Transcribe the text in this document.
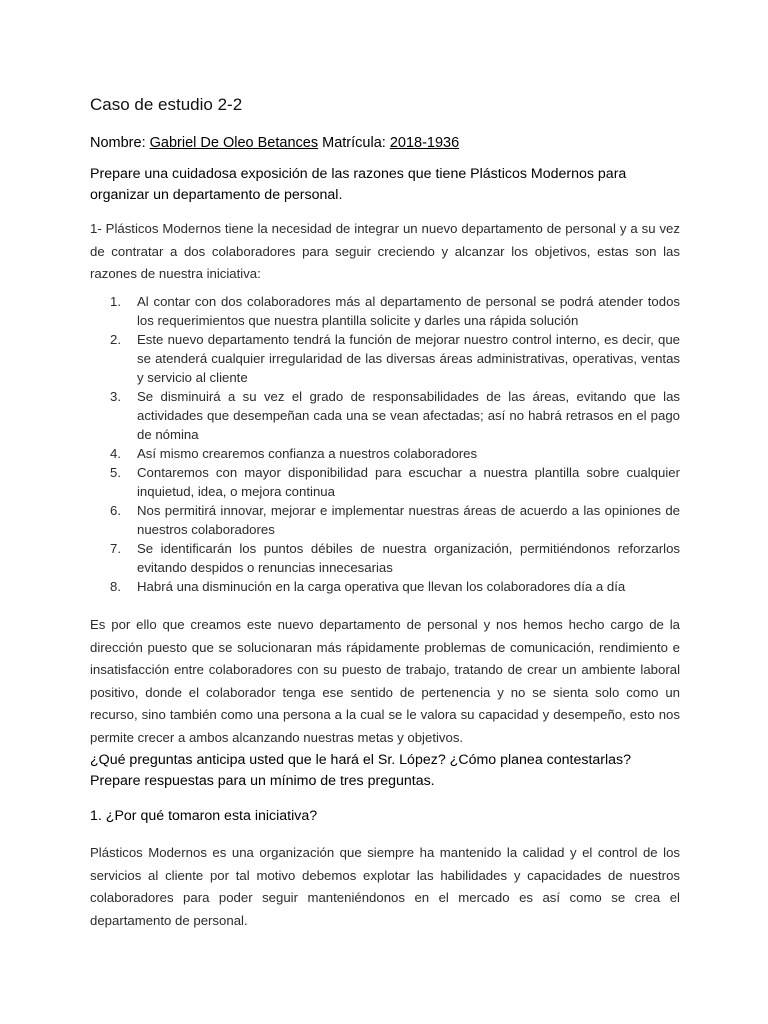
Caso de estudio 2-2
Nombre: Gabriel De Oleo Betances Matrícula: 2018-1936
Prepare una cuidadosa exposición de las razones que tiene Plásticos Modernos para organizar un departamento de personal.
1- Plásticos Modernos tiene la necesidad de integrar un nuevo departamento de personal y a su vez de contratar a dos colaboradores para seguir creciendo y alcanzar los objetivos, estas son las razones de nuestra iniciativa:
1. Al contar con dos colaboradores más al departamento de personal se podrá atender todos los requerimientos que nuestra plantilla solicite y darles una rápida solución
2. Este nuevo departamento tendrá la función de mejorar nuestro control interno, es decir, que se atenderá cualquier irregularidad de las diversas áreas administrativas, operativas, ventas y servicio al cliente
3. Se disminuirá a su vez el grado de responsabilidades de las áreas, evitando que las actividades que desempeñan cada una se vean afectadas; así no habrá retrasos en el pago de nómina
4. Así mismo crearemos confianza a nuestros colaboradores
5. Contaremos con mayor disponibilidad para escuchar a nuestra plantilla sobre cualquier inquietud, idea, o mejora continua
6. Nos permitirá innovar, mejorar e implementar nuestras áreas de acuerdo a las opiniones de nuestros colaboradores
7. Se identificarán los puntos débiles de nuestra organización, permitiéndonos reforzarlos evitando despidos o renuncias innecesarias
8. Habrá una disminución en la carga operativa que llevan los colaboradores día a día
Es por ello que creamos este nuevo departamento de personal y nos hemos hecho cargo de la dirección puesto que se solucionaran más rápidamente problemas de comunicación, rendimiento e insatisfacción entre colaboradores con su puesto de trabajo, tratando de crear un ambiente laboral positivo, donde el colaborador tenga ese sentido de pertenencia y no se sienta solo como un recurso, sino también como una persona a la cual se le valora su capacidad y desempeño, esto nos permite crecer a ambos alcanzando nuestras metas y objetivos.
¿Qué preguntas anticipa usted que le hará el Sr. López? ¿Cómo planea contestarlas? Prepare respuestas para un mínimo de tres preguntas.
1. ¿Por qué tomaron esta iniciativa?
Plásticos Modernos es una organización que siempre ha mantenido la calidad y el control de los servicios al cliente por tal motivo debemos explotar las habilidades y capacidades de nuestros colaboradores para poder seguir manteniéndonos en el mercado es así como se crea el departamento de personal.
